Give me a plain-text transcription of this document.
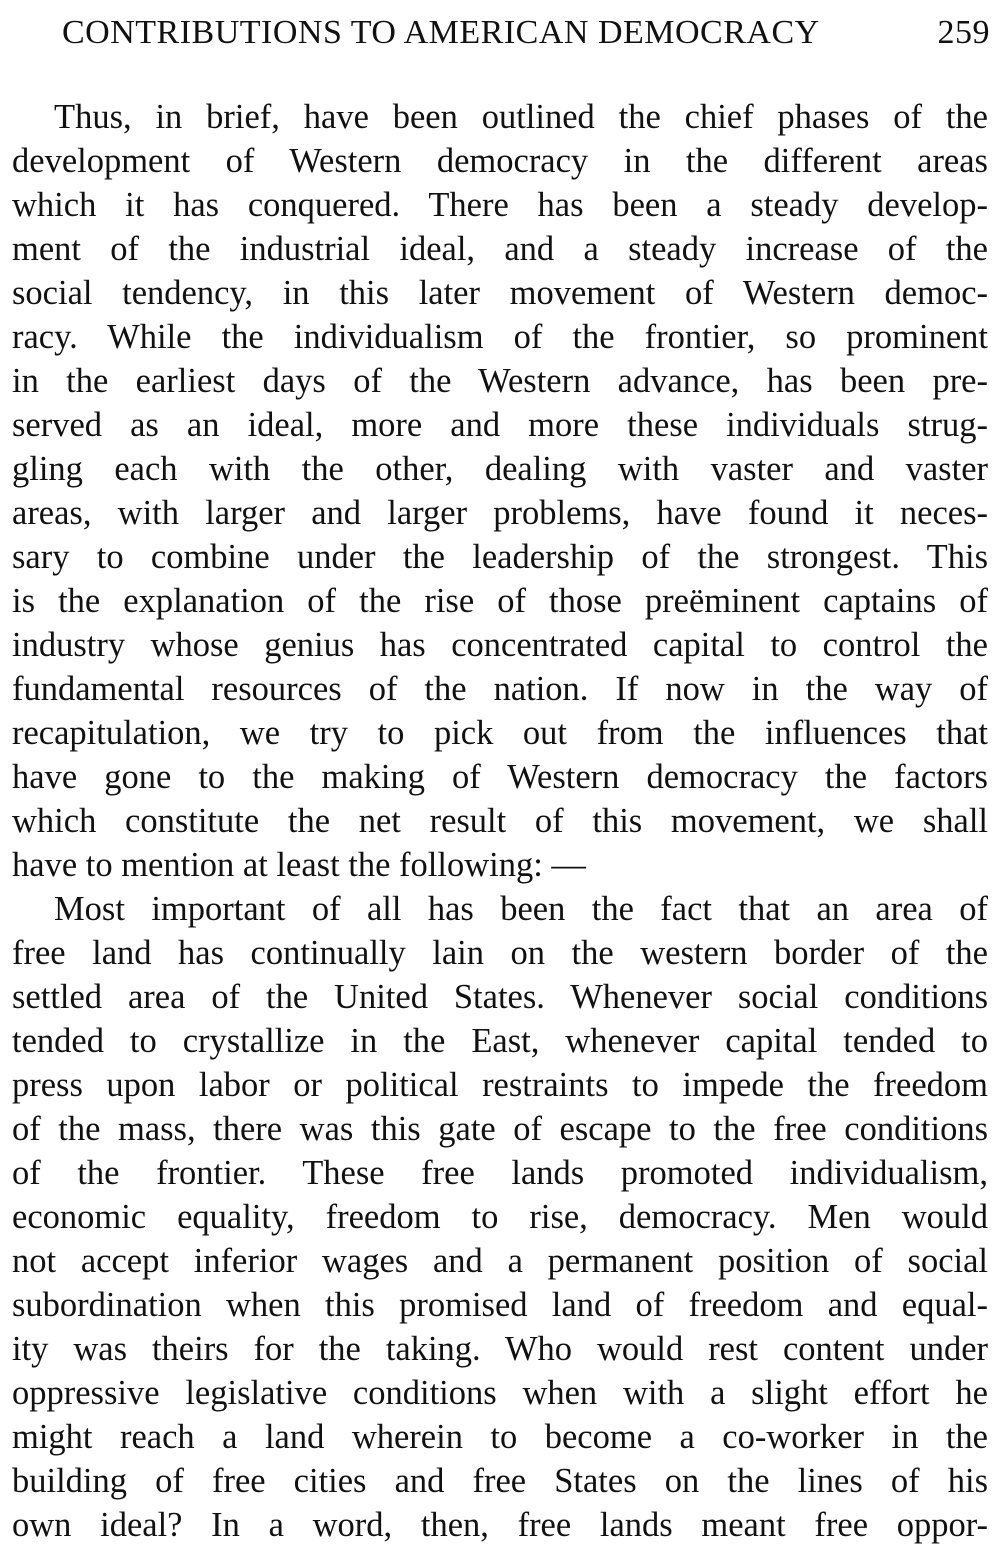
CONTRIBUTIONS TO AMERICAN DEMOCRACY	259
Thus, in brief, have been outlined the chief phases of the
development of Western democracy in the different areas
which it has conquered. There has been a steady develop-
ment of the industrial ideal, and a steady increase of the
social tendency, in this later movement of Western democ-
racy. While the individualism of the frontier, so prominent
in the earliest days of the Western advance, has been pre-
served as an ideal, more and more these individuals strug-
gling each with the other, dealing with vaster and vaster
areas, with larger and larger problems, have found it neces-
sary to combine under the leadership of the strongest. This
is the explanation of the rise of those preëminent captains of
industry whose genius has concentrated capital to control the
fundamental resources of the nation. If now in the way of
recapitulation, we try to pick out from the influences that
have gone to the making of Western democracy the factors
which constitute the net result of this movement, we shall
have to mention at least the following: —
Most important of all has been the fact that an area of
free land has continually lain on the western border of the
settled area of the United States. Whenever social conditions
tended to crystallize in the East, whenever capital tended to
press upon labor or political restraints to impede the freedom
of the mass, there was this gate of escape to the free conditions
of the frontier. These free lands promoted individualism,
economic equality, freedom to rise, democracy. Men would
not accept inferior wages and a permanent position of social
subordination when this promised land of freedom and equal-
ity was theirs for the taking. Who would rest content under
oppressive legislative conditions when with a slight effort he
might reach a land wherein to become a co-worker in the
building of free cities and free States on the lines of his
own ideal? In a word, then, free lands meant free oppor-
